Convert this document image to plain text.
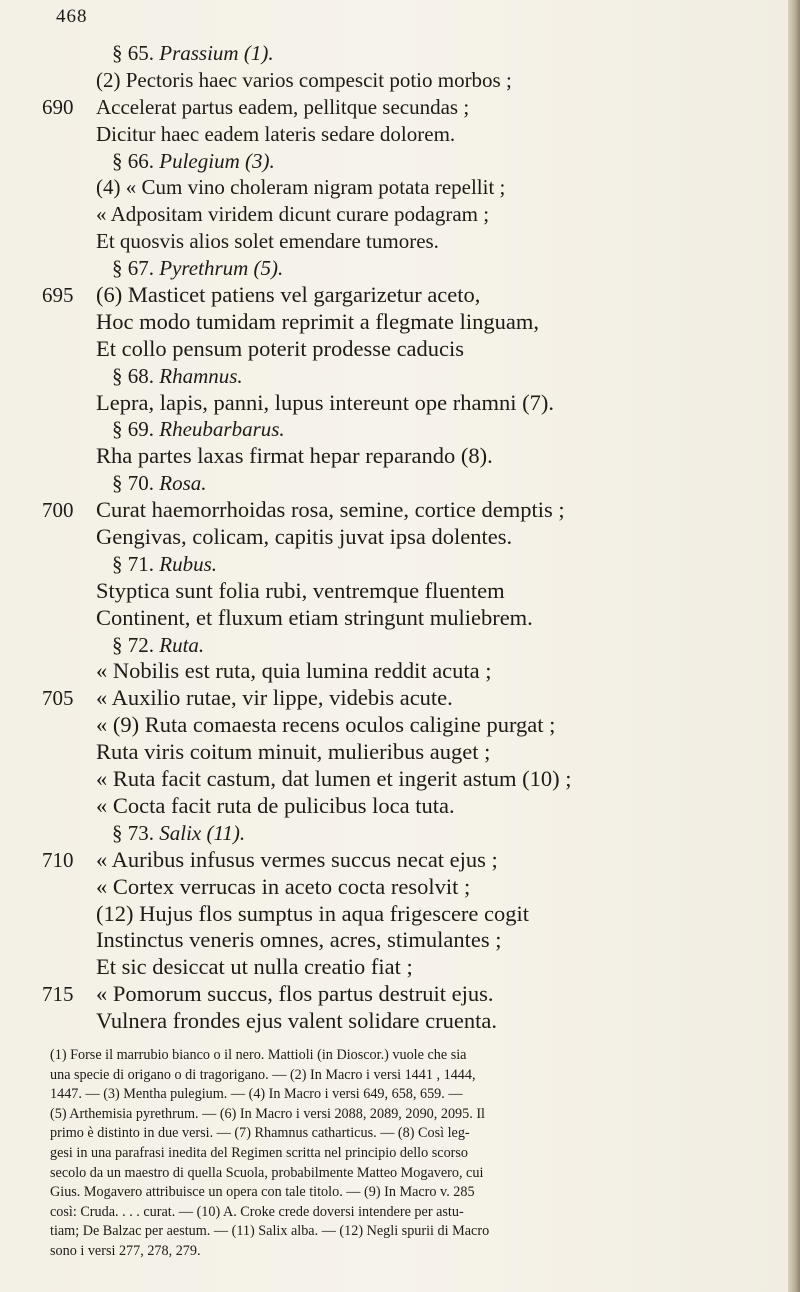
468
§ 65. Prassium (1).
(2) Pectoris haec varios compescit potio morbos ;
690	Accelerat partus eadem, pellitque secundas ;
Dicitur haec eadem lateris sedare dolorem.
§ 66. Pulegium (3).
(4) « Cum vino choleram nigram potata repellit ;
« Adpositam viridem dicunt curare podagram ;
Et quosvis alios solet emendare tumores.
§ 67. Pyrethrum (5).
695	(6) Masticet patiens vel gargarizetur aceto,
Hoc modo tumidam reprimit a flegmate linguam,
Et collo pensum poterit prodesse caducis
§ 68. Rhamnus.
Lepra, lapis, panni, lupus intereunt ope rhamni (7).
§ 69. Rheubarbarus.
Rha partes laxas firmat hepar reparando (8).
§ 70. Rosa.
700	Curat haemorrhoidas rosa, semine, cortice demptis ;
Gengivas, colicam, capitis juvat ipsa dolentes.
§ 71. Rubus.
Styptica sunt folia rubi, ventremque fluentem
Continent, et fluxum etiam stringunt muliebrem.
§ 72. Ruta.
« Nobilis est ruta, quia lumina reddit acuta ;
705	« Auxilio rutae, vir lippe, videbis acute.
« (9) Ruta comaesta recens oculos caligine purgat ;
Ruta viris coitum minuit, mulieribus auget ;
« Ruta facit castum, dat lumen et ingerit astum (10) ;
« Cocta facit ruta de pulicibus loca tuta.
§ 73. Salix (11).
710	« Auribus infusus vermes succus necat ejus ;
« Cortex verrucas in aceto cocta resolvit ;
(12) Hujus flos sumptus in aqua frigescere cogit
Instinctus veneris omnes, acres, stimulantes ;
Et sic desiccat ut nulla creatio fiat ;
715	« Pomorum succus, flos partus destruit ejus.
Vulnera frondes ejus valent solidare cruenta.
(1) Forse il marrubio bianco o il nero. Mattioli (in Dioscor.) vuole che sia
una specie di origano o di tragorigano. — (2) In Macro i versi 1441 , 1444,
1447. — (3) Mentha pulegium. — (4) In Macro i versi 649, 658, 659. —
(5) Arthemisia pyrethrum. — (6) In Macro i versi 2088, 2089, 2090, 2095. Il
primo è distinto in due versi. — (7) Rhamnus catharticus. — (8) Così leg-
gesi in una parafrasi inedita del Regimen scritta nel principio dello scorso
secolo da un maestro di quella Scuola, probabilmente Matteo Mogavero, cui
Gius. Mogavero attribuisce un opera con tale titolo. — (9) In Macro v. 285
così: Cruda. . . . curat. — (10) A. Croke crede doversi intendere per astu-
tiam; De Balzac per aestum. — (11) Salix alba. — (12) Negli spurii di Macro
sono i versi 277, 278, 279.
